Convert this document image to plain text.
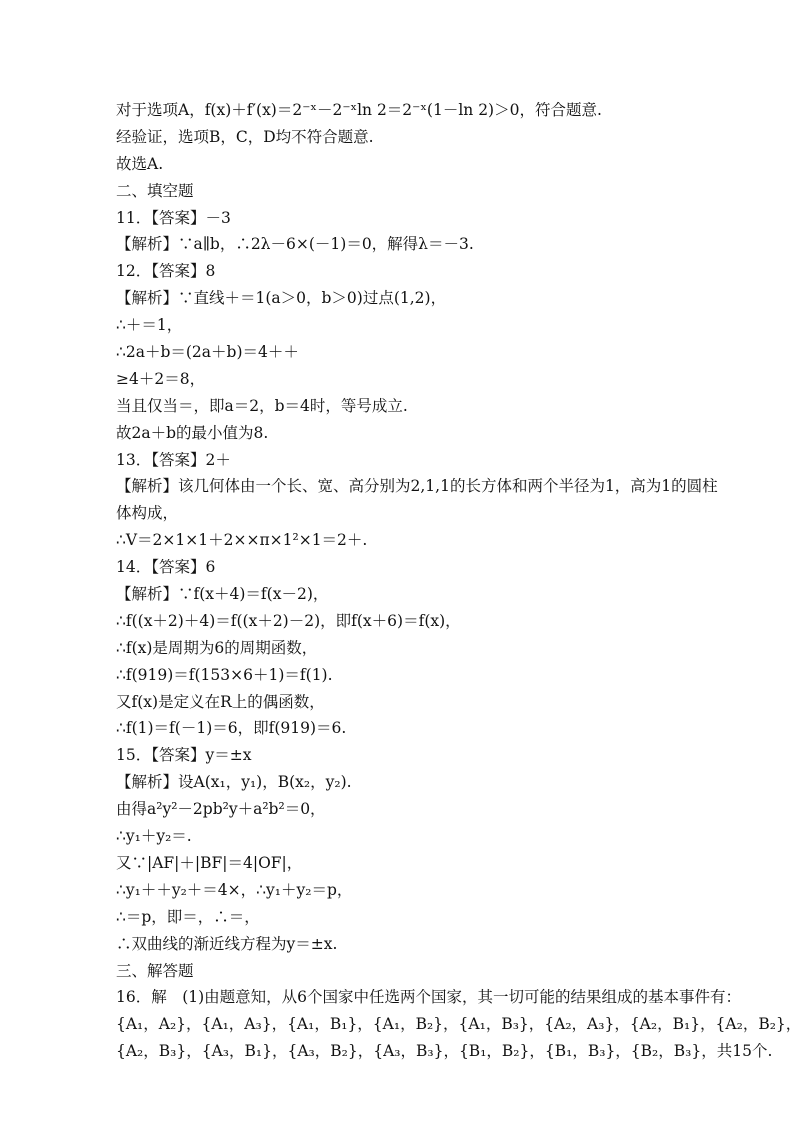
对于选项A，f(x)＋f′(x)＝2⁻ˣ－2⁻ˣln 2＝2⁻ˣ(1－ln 2)＞0，符合题意.
经验证，选项B，C，D均不符合题意.
故选A.
二、填空题
11．【答案】－3
【解析】∵a∥b，∴2λ－6×(－1)＝0，解得λ＝－3.
12．【答案】8
【解析】∵直线＋＝1(a＞0，b＞0)过点(1,2)，
∴＋＝1，
∴2a＋b＝(2a＋b)＝4＋＋
≥4＋2＝8，
当且仅当＝，即a＝2，b＝4时，等号成立.
故2a＋b的最小值为8.
13．【答案】2＋
【解析】该几何体由一个长、宽、高分别为2,1,1的长方体和两个半径为1，高为1的圆柱
体构成，
∴V＝2×1×1＋2××π×1²×1＝2＋.
14．【答案】6
【解析】∵f(x＋4)＝f(x－2)，
∴f((x＋2)＋4)＝f((x＋2)－2)，即f(x＋6)＝f(x)，
∴f(x)是周期为6的周期函数，
∴f(919)＝f(153×6＋1)＝f(1).
又f(x)是定义在R上的偶函数，
∴f(1)＝f(－1)＝6，即f(919)＝6.
15．【答案】y＝±x
【解析】设A(x₁，y₁)，B(x₂，y₂).
由得a²y²－2pb²y＋a²b²＝0，
∴y₁＋y₂＝.
又∵|AF|＋|BF|＝4|OF|，
∴y₁＋＋y₂＋＝4×，∴y₁＋y₂＝p，
∴＝p，即＝，∴＝，
∴双曲线的渐近线方程为y＝±x.
三、解答题
16．解　(1)由题意知，从6个国家中任选两个国家，其一切可能的结果组成的基本事件有：
{A₁，A₂}，{A₁，A₃}，{A₁，B₁}，{A₁，B₂}，{A₁，B₃}，{A₂，A₃}，{A₂，B₁}，{A₂，B₂}，
{A₂，B₃}，{A₃，B₁}，{A₃，B₂}，{A₃，B₃}，{B₁，B₂}，{B₁，B₃}，{B₂，B₃}，共15个.
